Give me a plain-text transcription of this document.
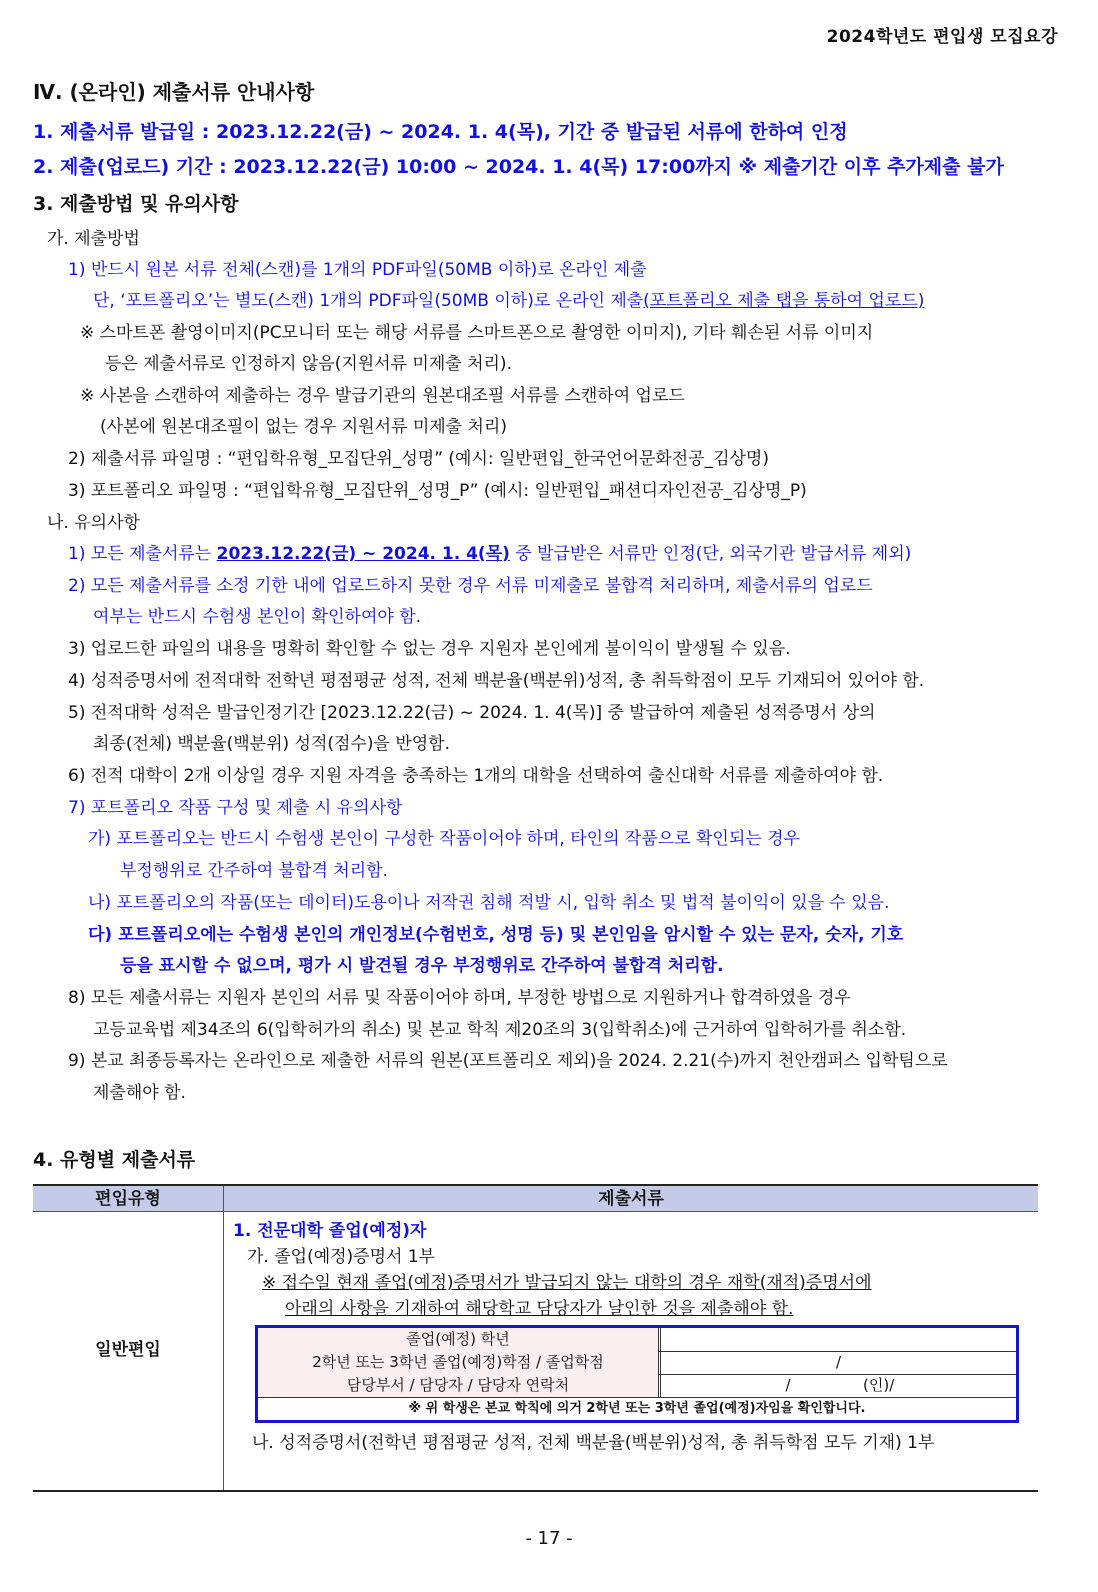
2024학년도 편입생 모집요강
Ⅳ. (온라인) 제출서류 안내사항
1. 제출서류 발급일 : 2023.12.22(금) ~ 2024. 1. 4(목), 기간 중 발급된 서류에 한하여 인정
2. 제출(업로드) 기간 : 2023.12.22(금) 10:00 ~ 2024. 1. 4(목) 17:00까지 ※ 제출기간 이후 추가제출 불가
3. 제출방법 및 유의사항
가. 제출방법
1) 반드시 원본 서류 전체(스캔)를 1개의 PDF파일(50MB 이하)로 온라인 제출
단, ‘포트폴리오’는 별도(스캔) 1개의 PDF파일(50MB 이하)로 온라인 제출(포트폴리오 제출 탭을 통하여 업로드)
※ 스마트폰 촬영이미지(PC모니터 또는 해당 서류를 스마트폰으로 촬영한 이미지), 기타 훼손된 서류 이미지
등은 제출서류로 인정하지 않음(지원서류 미제출 처리).
※ 사본을 스캔하여 제출하는 경우 발급기관의 원본대조필 서류를 스캔하여 업로드
(사본에 원본대조필이 없는 경우 지원서류 미제출 처리)
2) 제출서류 파일명 : “편입학유형_모집단위_성명” (예시: 일반편입_한국언어문화전공_김상명)
3) 포트폴리오 파일명 : “편입학유형_모집단위_성명_P” (예시: 일반편입_패션디자인전공_김상명_P)
나. 유의사항
1) 모든 제출서류는 2023.12.22(금) ~ 2024. 1. 4(목) 중 발급받은 서류만 인정(단, 외국기관 발급서류 제외)
2) 모든 제출서류를 소정 기한 내에 업로드하지 못한 경우 서류 미제출로 불합격 처리하며, 제출서류의 업로드
여부는 반드시 수험생 본인이 확인하여야 함.
3) 업로드한 파일의 내용을 명확히 확인할 수 없는 경우 지원자 본인에게 불이익이 발생될 수 있음.
4) 성적증명서에 전적대학 전학년 평점평균 성적, 전체 백분율(백분위)성적, 총 취득학점이 모두 기재되어 있어야 함.
5) 전적대학 성적은 발급인정기간 [2023.12.22(금) ~ 2024. 1. 4(목)] 중 발급하여 제출된 성적증명서 상의
최종(전체) 백분율(백분위) 성적(점수)을 반영함.
6) 전적 대학이 2개 이상일 경우 지원 자격을 충족하는 1개의 대학을 선택하여 출신대학 서류를 제출하여야 함.
7) 포트폴리오 작품 구성 및 제출 시 유의사항
가) 포트폴리오는 반드시 수험생 본인이 구성한 작품이어야 하며, 타인의 작품으로 확인되는 경우
부정행위로 간주하여 불합격 처리함.
나) 포트폴리오의 작품(또는 데이터)도용이나 저작권 침해 적발 시, 입학 취소 및 법적 불이익이 있을 수 있음.
다) 포트폴리오에는 수험생 본인의 개인정보(수험번호, 성명 등) 및 본인임을 암시할 수 있는 문자, 숫자, 기호
등을 표시할 수 없으며, 평가 시 발견될 경우 부정행위로 간주하여 불합격 처리함.
8) 모든 제출서류는 지원자 본인의 서류 및 작품이어야 하며, 부정한 방법으로 지원하거나 합격하였을 경우
고등교육법 제34조의 6(입학허가의 취소) 및 본교 학칙 제20조의 3(입학취소)에 근거하여 입학허가를 취소함.
9) 본교 최종등록자는 온라인으로 제출한 서류의 원본(포트폴리오 제외)을 2024. 2.21(수)까지 천안캠퍼스 입학팀으로
제출해야 함.
4. 유형별 제출서류
편입유형	제출서류
일반편입
1. 전문대학 졸업(예정)자
가. 졸업(예정)증명서 1부
※ 접수일 현재 졸업(예정)증명서가 발급되지 않는 대학의 경우 재학(재적)증명서에
아래의 사항을 기재하여 해당학교 담당자가 날인한 것을 제출해야 함.
졸업(예정) 학년
2학년 또는 3학년 졸업(예정)학점 / 졸업학점	/
담당부서 / 담당자 / 담당자 연락처	/	(인)/
※ 위 학생은 본교 학칙에 의거 2학년 또는 3학년 졸업(예정)자임을 확인합니다.
나. 성적증명서(전학년 평점평균 성적, 전체 백분율(백분위)성적, 총 취득학점 모두 기재) 1부
- 17 -
